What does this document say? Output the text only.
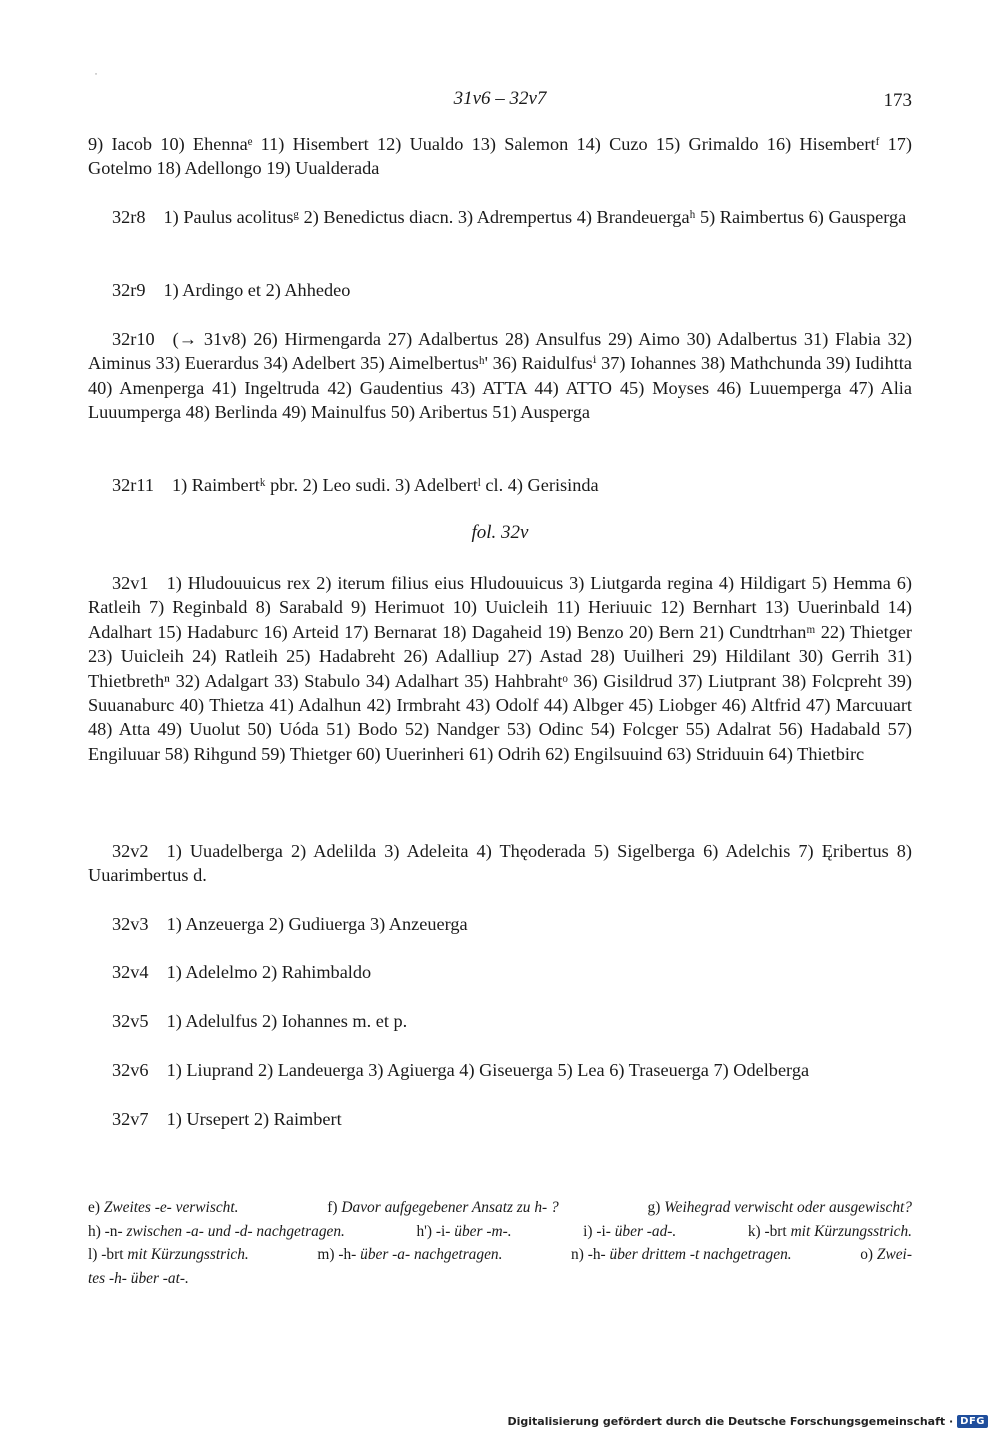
˙
31v6 – 32v7	173
9) Iacob 10) Ehennaᵉ 11) Hisembert 12) Uualdo 13) Salemon 14) Cuzo 15) Grimaldo 16) Hisembertᶠ 17) Gotelmo 18) Adellongo 19) Uualderada
32r8 1) Paulus acolitusᵍ 2) Benedictus diacn. 3) Adrempertus 4) Brandeuergaʰ 5) Raimbertus 6) Gausperga
32r9 1) Ardingo et 2) Ahhedeo
32r10 (→ 31v8) 26) Hirmengarda 27) Adalbertus 28) Ansulfus 29) Aimo 30) Adalbertus 31) Flabia 32) Aiminus 33) Euerardus 34) Adelbert 35) Aimelbertusʰ' 36) Raidulfusⁱ 37) Iohannes 38) Mathchunda 39) Iudihtta 40) Amenperga 41) Ingeltruda 42) Gaudentius 43) ATTA 44) ATTO 45) Moyses 46) Luuemperga 47) Alia Luuumperga 48) Berlinda 49) Mainulfus 50) Aribertus 51) Ausperga
32r11 1) Raimbertᵏ pbr. 2) Leo sudi. 3) Adelbertˡ cl. 4) Gerisinda
fol. 32v
32v1 1) Hludouuicus rex 2) iterum filius eius Hludouuicus 3) Liutgarda regina 4) Hildigart 5) Hemma 6) Ratleih 7) Reginbald 8) Sarabald 9) Herimuot 10) Uuicleih 11) Heriuuic 12) Bernhart 13) Uuerinbald 14) Adalhart 15) Hadaburc 16) Arteid 17) Bernarat 18) Dagaheid 19) Benzo 20) Bern 21) Cundtrhanᵐ 22) Thietger 23) Uuicleih 24) Ratleih 25) Hadabreht 26) Adalliup 27) Astad 28) Uuilheri 29) Hildilant 30) Gerrih 31) Thietbrethⁿ 32) Adalgart 33) Stabulo 34) Adalhart 35) Hahbrahtᵒ 36) Gisildrud 37) Liutprant 38) Folcpreht 39) Suuanaburc 40) Thietza 41) Adalhun 42) Irmbraht 43) Odolf 44) Albger 45) Liobger 46) Altfrid 47) Marcuuart 48) Atta 49) Uuolut 50) Uóda 51) Bodo 52) Nandger 53) Odinc 54) Folcger 55) Adalrat 56) Hadabald 57) Engiluuar 58) Rihgund 59) Thietger 60) Uuerinheri 61) Odrih 62) Engilsuuind 63) Striduuin 64) Thietbirc
32v2 1) Uuadelberga 2) Adelilda 3) Adeleita 4) Thęoderada 5) Sigelberga 6) Adelchis 7) Ęribertus 8) Uuarimbertus d.
32v3 1) Anzeuerga 2) Gudiuerga 3) Anzeuerga
32v4 1) Adelelmo 2) Rahimbaldo
32v5 1) Adelulfus 2) Iohannes m. et p.
32v6 1) Liuprand 2) Landeuerga 3) Agiuerga 4) Giseuerga 5) Lea 6) Traseuerga 7) Odelberga
32v7 1) Ursepert 2) Raimbert
e) Zweites -e- verwischt.	f) Davor aufgegebener Ansatz zu h- ?	g) Weihegrad verwischt oder ausgewischt?
h) -n- zwischen -a- und -d- nachgetragen.	h') -i- über -m-.	i) -i- über -ad-.	k) -brt mit Kürzungsstrich.
l) -brt mit Kürzungsstrich.	m) -h- über -a- nachgetragen.	n) -h- über drittem -t nachgetragen.	o) Zwei-
tes -h- über -at-.
Digitalisierung gefördert durch die Deutsche Forschungsgemeinschaft · DFG
